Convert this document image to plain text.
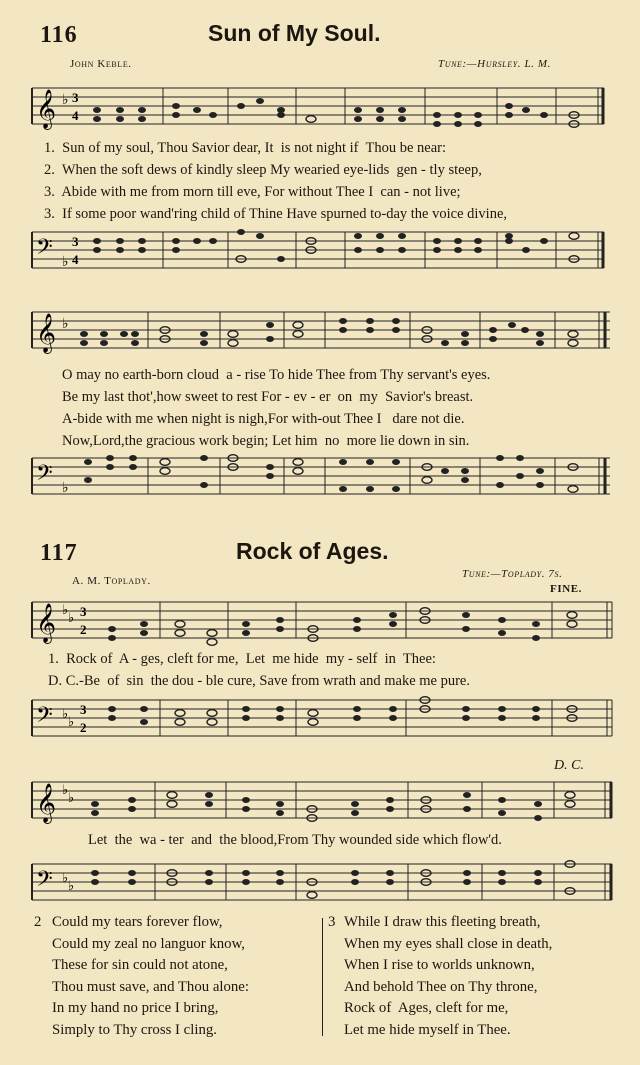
116	Sun of My Soul.
John Keble.	Tune:—Hursley. L. M.
𝄞 ♭ 3
4
1. Sun of my soul, Thou Savior dear, It  is not night if  Thou be near:
2. When the soft dews of kindly sleep My wearied eye-lids  gen - tly steep,
3. Abide with me from morn till eve, For without Thee I  can - not live;
3. If some poor wand'ring child of Thine Have spurned to-day the voice divine,
𝄢 ♭
3
4
𝄞 ♭
O may no earth-born cloud  a - rise To hide Thee from Thy servant's eyes.
Be my last thot',how sweet to rest For - ev - er  on  my  Savior's breast.
A-bide with me when night is nigh,For with-out Thee I   dare not die.
Now,Lord,the gracious work begin; Let him  no  more lie down in sin.
𝄢 ♭
117	Rock of Ages.
A. M. Toplady.
Tune:—Toplady. 7s.
FINE.
𝄞 ♭
♭ 3
2
1.  Rock of  A - ges, cleft for me,  Let  me hide  my - self  in  Thee:
D. C.-Be  of  sin  the dou - ble cure, Save from wrath and make me pure.
𝄢 ♭
♭
3
2
D. C.
𝄞 ♭
♭
Let  the  wa - ter  and  the blood,From Thy wounded side which flow'd.
𝄢 ♭
♭
2 Could my tears forever flow,
Could my zeal no languor know,
These for sin could not atone,
Thou must save, and Thou alone:
In my hand no price I bring,
Simply to Thy cross I cling.
3 While I draw this fleeting breath,
When my eyes shall close in death,
When I rise to worlds unknown,
And behold Thee on Thy throne,
Rock of  Ages, cleft for me,
Let me hide myself in Thee.
